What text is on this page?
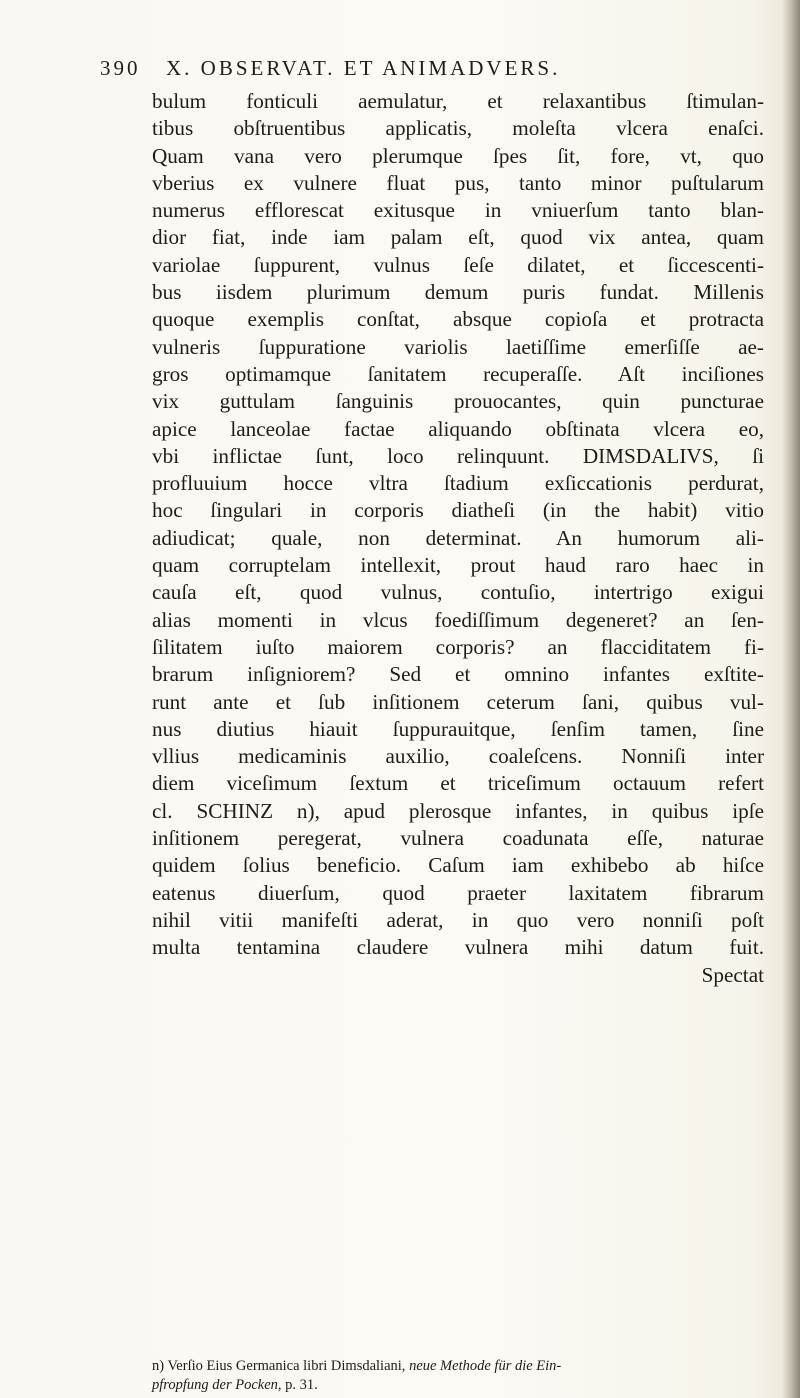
390 X. OBSERVAT. ET ANIMADVERS.
bulum fonticuli aemulatur, et relaxantibus ſtimulan-
tibus obſtruentibus applicatis, moleſta vlcera enaſci.
Quam vana vero plerumque ſpes ſit, fore, vt, quo
vberius ex vulnere fluat pus, tanto minor puſtularum
numerus efflorescat exitusque in vniuerſum tanto blan-
dior fiat, inde iam palam eſt, quod vix antea, quam
variolae ſuppurent, vulnus ſeſe dilatet, et ſiccescenti-
bus iisdem plurimum demum puris fundat. Millenis
quoque exemplis conſtat, absque copioſa et protracta
vulneris ſuppuratione variolis laetiſſime emerſiſſe ae-
gros optimamque ſanitatem recuperaſſe. Aſt inciſiones
vix guttulam ſanguinis prouocantes, quin puncturae
apice lanceolae factae aliquando obſtinata vlcera eo,
vbi inflictae ſunt, loco relinquunt. DIMSDALIVS, ſi
profluuium hocce vltra ſtadium exſiccationis perdurat,
hoc ſingulari in corporis diatheſi (in the habit) vitio
adiudicat; quale, non determinat. An humorum ali-
quam corruptelam intellexit, prout haud raro haec in
cauſa eſt, quod vulnus, contuſio, intertrigo exigui
alias momenti in vlcus foediſſimum degeneret? an ſen-
ſilitatem iuſto maiorem corporis? an flacciditatem fi-
brarum inſigniorem? Sed et omnino infantes exſtite-
runt ante et ſub inſitionem ceterum ſani, quibus vul-
nus diutius hiauit ſuppurauitque, ſenſim tamen, ſine
vllius medicaminis auxilio, coaleſcens. Nonniſi inter
diem viceſimum ſextum et triceſimum octauum refert
cl. SCHINZ n), apud plerosque infantes, in quibus ipſe
inſitionem peregerat, vulnera coadunata eſſe, naturae
quidem ſolius beneficio. Caſum iam exhibebo ab hiſce
eatenus diuerſum, quod praeter laxitatem fibrarum
nihil vitii manifeſti aderat, in quo vero nonniſi poſt
multa tentamina claudere vulnera mihi datum fuit.
Spectat
n) Verſio Eius Germanica libri Dimsdaliani, neue Methode für die Ein-
pfropfung der Pocken, p. 31.
